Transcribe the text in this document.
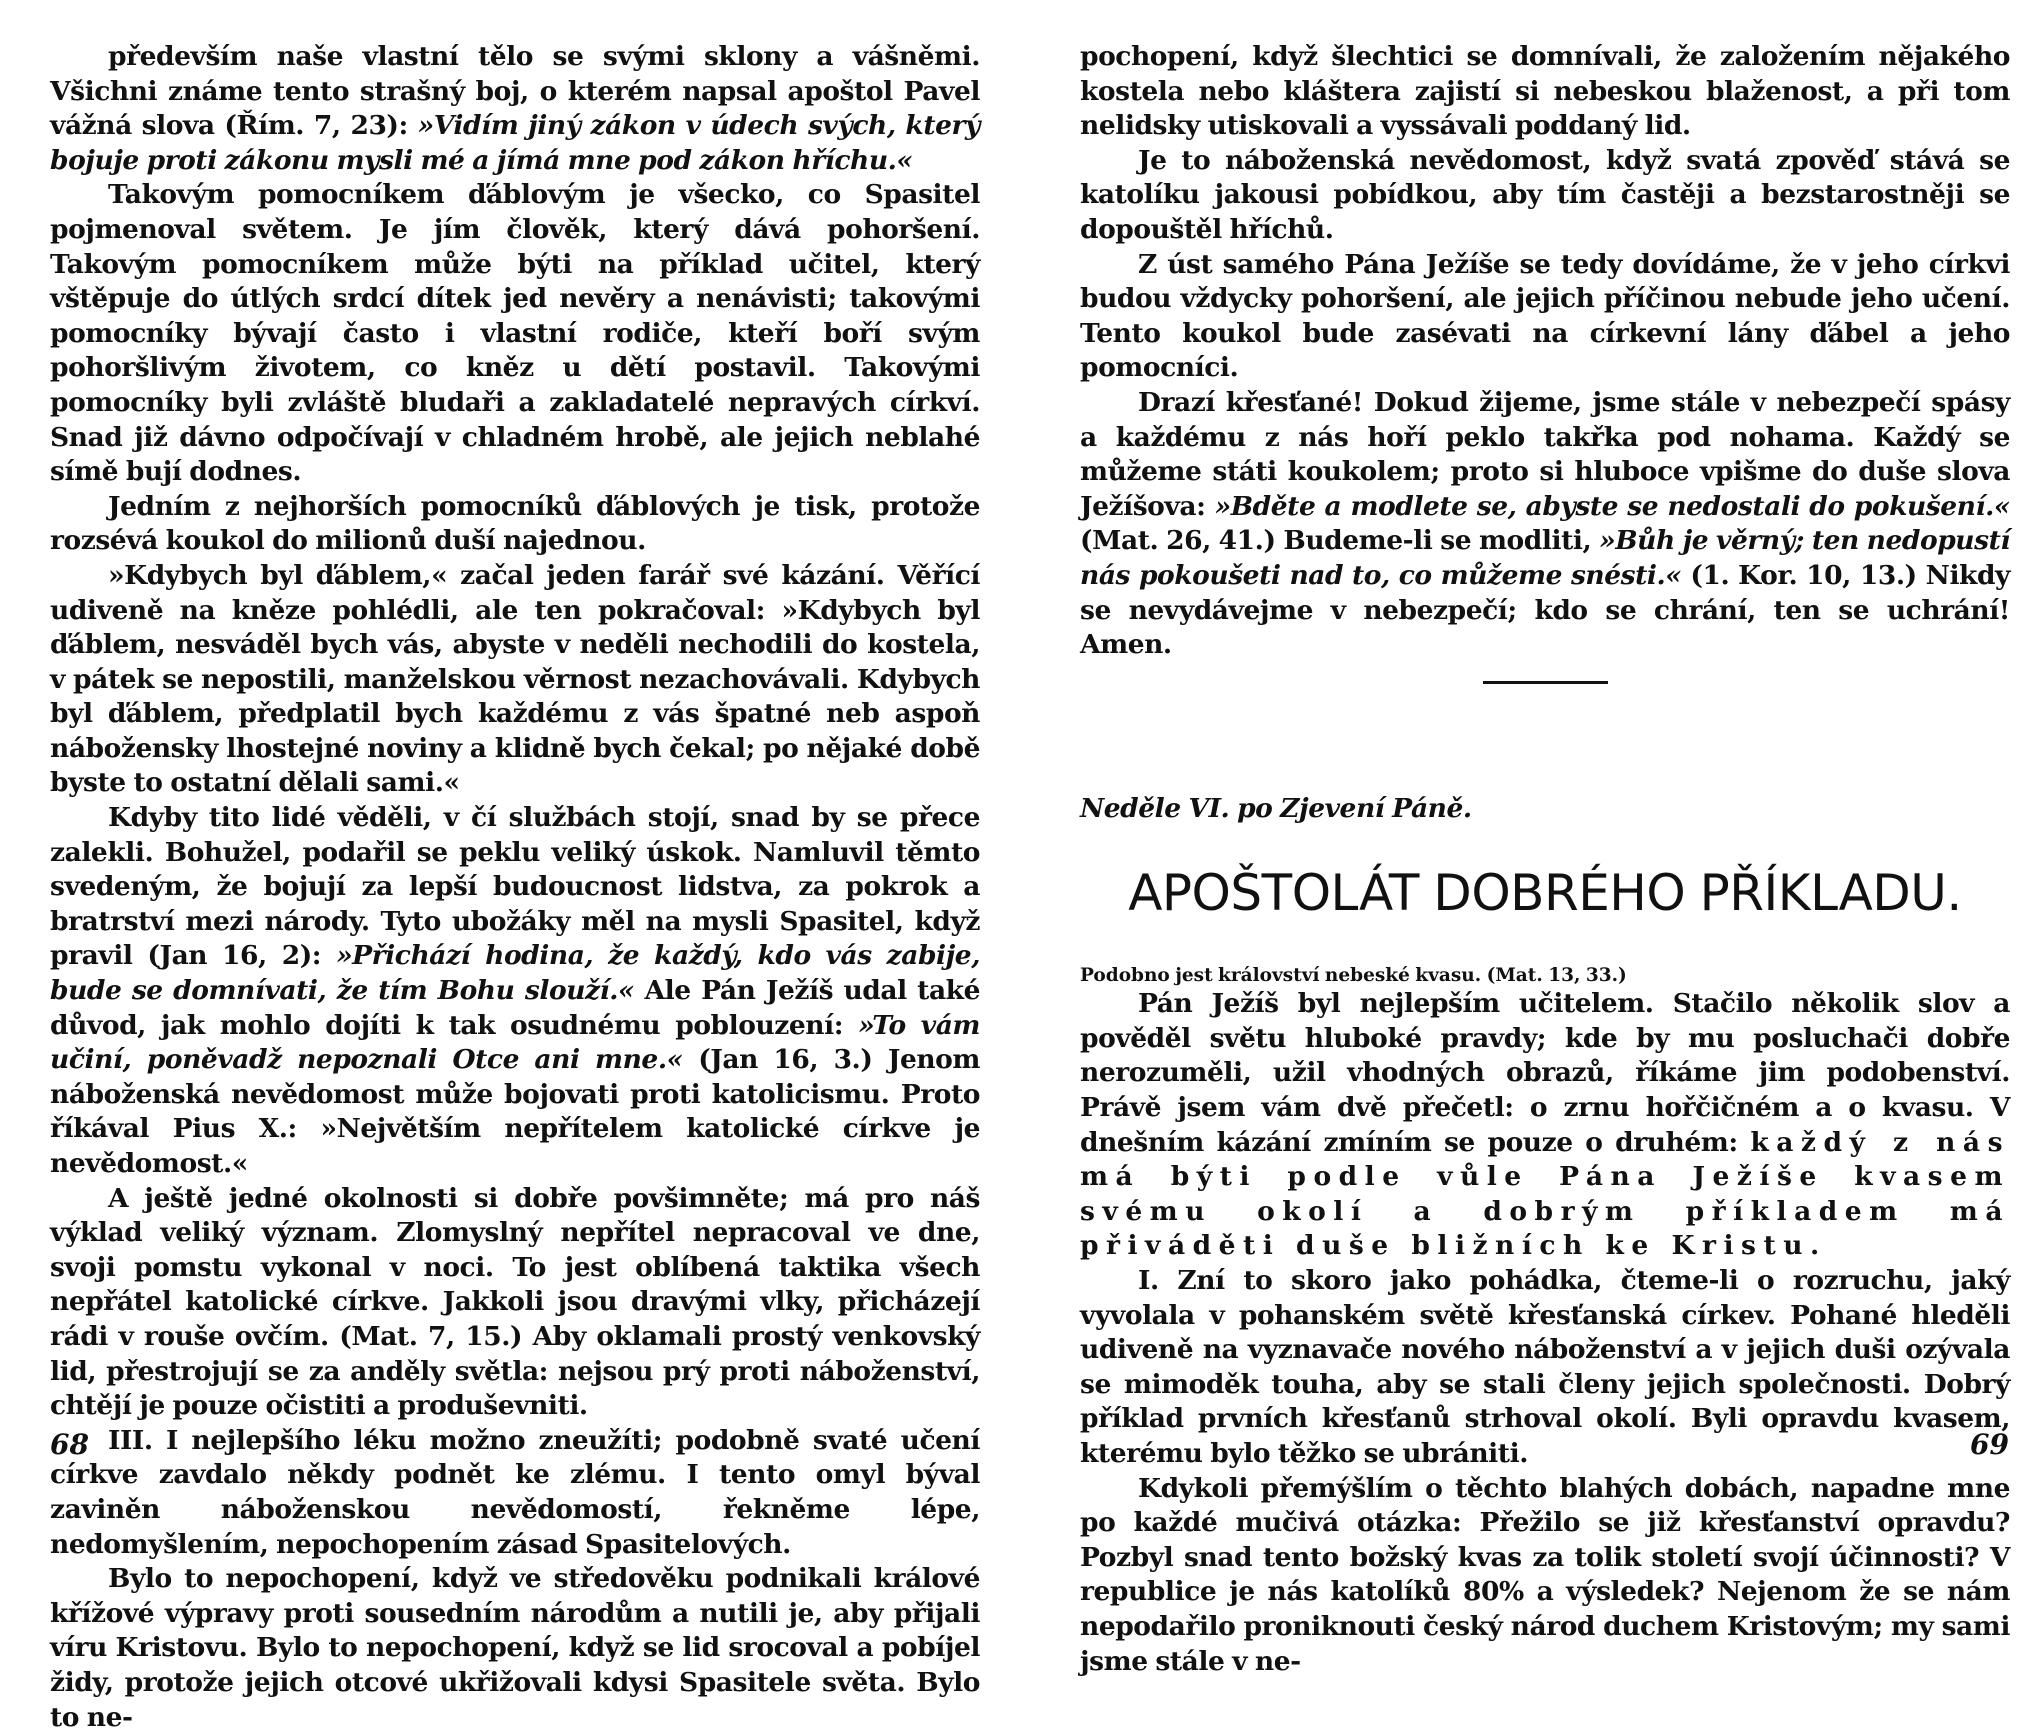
především naše vlastní tělo se svými sklony a vášněmi. Všichni známe tento strašný boj, o kterém napsal apoštol Pavel vážná slova (Řím. 7, 23): »Vidím jiný zákon v údech svých, který bojuje proti zákonu mysli mé a jímá mne pod zákon hříchu.«

Takovým pomocníkem ďáblovým je všecko, co Spasitel pojmenoval světem. Je jím člověk, který dává pohoršení. Takovým pomocníkem může býti na příklad učitel, který vštěpuje do útlých srdcí dítek jed nevěry a nenávisti; takovými pomocníky bývají často i vlastní rodiče, kteří boří svým pohoršlivým životem, co kněz u dětí postavil. Takovými pomocníky byli zvláště bludaři a zakladatelé nepravých církví. Snad již dávno odpočívají v chladném hrobě, ale jejich neblahé símě bují dodnes.

Jedním z nejhorších pomocníků ďáblových je tisk, protože rozsévá koukol do milionů duší najednou.

»Kdybych byl ďáblem,« začal jeden farář své kázání. Věřící udiveně na kněze pohlédli, ale ten pokračoval: »Kdybych byl ďáblem, nesváděl bych vás, abyste v neděli nechodili do kostela, v pátek se nepostili, manželskou věrnost nezachovávali. Kdybych byl ďáblem, předplatil bych každému z vás špatné neb aspoň nábožensky lhostejné noviny a klidně bych čekal; po nějaké době byste to ostatní dělali sami.«

Kdyby tito lidé věděli, v čí službách stojí, snad by se přece zalekli. Bohužel, podařil se peklu veliký úskok. Namluvil těmto svedeným, že bojují za lepší budoucnost lidstva, za pokrok a bratrství mezi národy. Tyto ubožáky měl na mysli Spasitel, když pravil (Jan 16, 2): »Přichází hodina, že každý, kdo vás zabije, bude se domnívati, že tím Bohu slouží.« Ale Pán Ježíš udal také důvod, jak mohlo dojíti k tak osudnému poblouzení: »To vám učiní, poněvadž nepoznali Otce ani mne.« (Jan 16, 3.) Jenom náboženská nevědomost může bojovati proti katolicismu. Proto říkával Pius X.: »Největším nepřítelem katolické církve je nevědomost.«

A ještě jedné okolnosti si dobře povšimněte; má pro náš výklad veliký význam. Zlomyslný nepřítel nepracoval ve dne, svoji pomstu vykonal v noci. To jest oblíbená taktika všech nepřátel katolické církve. Jakkoli jsou dravými vlky, přicházejí rádi v rouše ovčím. (Mat. 7, 15.) Aby oklamali prostý venkovský lid, přestrojují se za anděly světla: nejsou prý proti náboženství, chtějí je pouze očistiti a produševniti.

III. I nejlepšího léku možno zneužíti; podobně svaté učení církve zavdalo někdy podnět ke zlému. I tento omyl býval zaviněn náboženskou nevědomostí, řekněme lépe, nedomyšlením, nepochopením zásad Spasitelových.

Bylo to nepochopení, když ve středověku podnikali králové křížové výpravy proti sousedním národům a nutili je, aby přijali víru Kristovu. Bylo to nepochopení, když se lid srocoval a pobíjel židy, protože jejich otcové ukřižovali kdysi Spasitele světa. Bylo to ne-

pochopení, když šlechtici se domnívali, že založením nějakého kostela nebo kláštera zajistí si nebeskou blaženost, a při tom nelidsky utiskovali a vyssávali poddaný lid.

Je to náboženská nevědomost, když svatá zpověď stává se katolíku jakousi pobídkou, aby tím častěji a bezstarostněji se dopouštěl hříchů.

Z úst samého Pána Ježíše se tedy dovídáme, že v jeho církvi budou vždycky pohoršení, ale jejich příčinou nebude jeho učení. Tento koukol bude zasévati na církevní lány ďábel a jeho pomocníci.

Drazí křesťané! Dokud žijeme, jsme stále v nebezpečí spásy a každému z nás hoří peklo takřka pod nohama. Každý se můžeme státi koukolem; proto si hluboce vpišme do duše slova Ježíšova: »Bděte a modlete se, abyste se nedostali do pokušení.« (Mat. 26, 41.) Budeme-li se modliti, »Bůh je věrný; ten nedopustí nás pokoušeti nad to, co můžeme snésti.« (1. Kor. 10, 13.) Nikdy se nevydávejme v nebezpečí; kdo se chrání, ten se uchrání! Amen.

Neděle VI. po Zjevení Páně.

APOŠTOLÁT DOBRÉHO PŘÍKLADU.

Podobno jest království nebeské kvasu. (Mat. 13, 33.)

Pán Ježíš byl nejlepším učitelem. Stačilo několik slov a pověděl světu hluboké pravdy; kde by mu posluchači dobře nerozuměli, užil vhodných obrazů, říkáme jim podobenství. Právě jsem vám dvě přečetl: o zrnu hořčičném a o kvasu. V dnešním kázání zmíním se pouze o druhém: každý z nás má býti podle vůle Pána Ježíše kvasem svému okolí a dobrým příkladem má přiváděti duše bližních ke Kristu.

I. Zní to skoro jako pohádka, čteme-li o rozruchu, jaký vyvolala v pohanském světě křesťanská církev. Pohané hleděli udiveně na vyznavače nového náboženství a v jejich duši ozývala se mimoděk touha, aby se stali členy jejich společnosti. Dobrý příklad prvních křesťanů strhoval okolí. Byli opravdu kvasem, kterému bylo těžko se ubrániti.

Kdykoli přemýšlím o těchto blahých dobách, napadne mne po každé mučivá otázka: Přežilo se již křesťanství opravdu? Pozbyl snad tento božský kvas za tolik století svojí účinnosti? V republice je nás katolíků 80% a výsledek? Nejenom že se nám nepodařilo proniknouti český národ duchem Kristovým; my sami jsme stále v ne-

68	69
